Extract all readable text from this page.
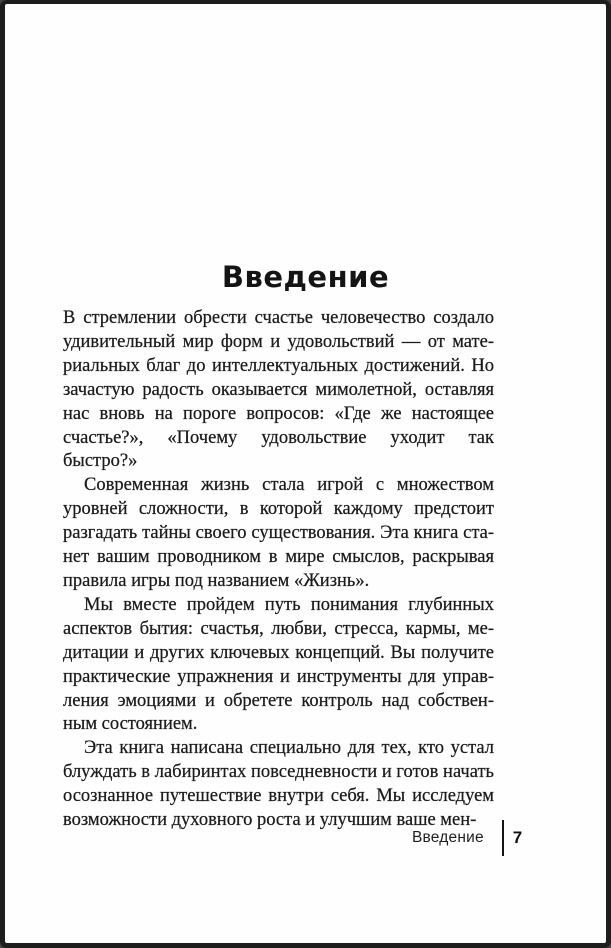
Введение
В стремлении обрести счастье человечество создало
удивительный мир форм и удовольствий — от мате-
риальных благ до интеллектуальных достижений. Но
зачастую радость оказывается мимолетной, оставляя
нас вновь на пороге вопросов: «Где же настоящее
счастье?», «Почему удовольствие уходит так быстро?»
Современная жизнь стала игрой с множеством
уровней сложности, в которой каждому предстоит
разгадать тайны своего существования. Эта книга ста-
нет вашим проводником в мире смыслов, раскрывая
правила игры под названием «Жизнь».
Мы вместе пройдем путь понимания глубинных
аспектов бытия: счастья, любви, стресса, кармы, ме-
дитации и других ключевых концепций. Вы получите
практические упражнения и инструменты для управ-
ления эмоциями и обретете контроль над собствен-
ным состоянием.
Эта книга написана специально для тех, кто устал
блуждать в лабиринтах повседневности и готов начать
осознанное путешествие внутри себя. Мы исследуем
возможности духовного роста и улучшим ваше мен-
Введение 7
